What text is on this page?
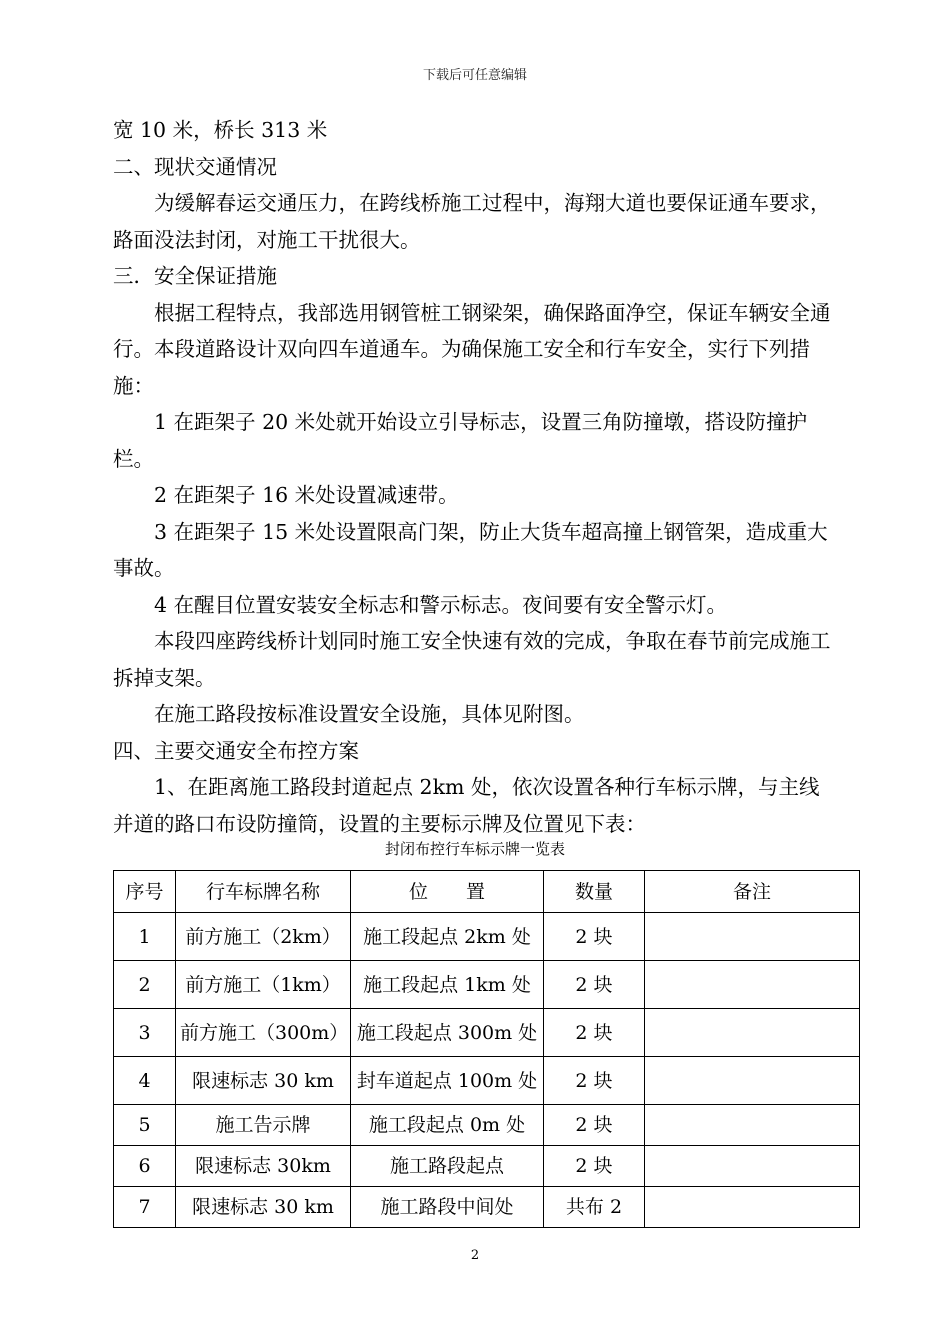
下载后可任意编辑

宽 10 米，桥长 313 米

二、现状交通情况

为缓解春运交通压力，在跨线桥施工过程中，海翔大道也要保证通车要求，路面没法封闭，对施工干扰很大。

三．安全保证措施

根据工程特点，我部选用钢管桩工钢梁架，确保路面净空，保证车辆安全通行。本段道路设计双向四车道通车。为确保施工安全和行车安全，实行下列措施：

1 在距架子 20 米处就开始设立引导标志，设置三角防撞墩，搭设防撞护栏。

2 在距架子 16 米处设置减速带。

3 在距架子 15 米处设置限高门架，防止大货车超高撞上钢管架，造成重大事故。

4 在醒目位置安装安全标志和警示标志。夜间要有安全警示灯。

本段四座跨线桥计划同时施工安全快速有效的完成，争取在春节前完成施工拆掉支架。

在施工路段按标准设置安全设施，具体见附图。

四、主要交通安全布控方案

1、在距离施工路段封道起点 2km 处，依次设置各种行车标示牌，与主线并道的路口布设防撞筒，设置的主要标示牌及位置见下表：

封闭布控行车标示牌一览表
序号	行车标牌名称	位　　置	数量	备注
1	前方施工（2km）	施工段起点 2km 处	2 块	
2	前方施工（1km）	施工段起点 1km 处	2 块	
3	前方施工（300m）	施工段起点 300m 处	2 块	
4	限速标志 30 km	封车道起点 100m 处	2 块	
5	施工告示牌	施工段起点 0m 处	2 块	
6	限速标志 30km	施工路段起点	2 块	
7	限速标志 30 km	施工路段中间处	共布 2	
2
